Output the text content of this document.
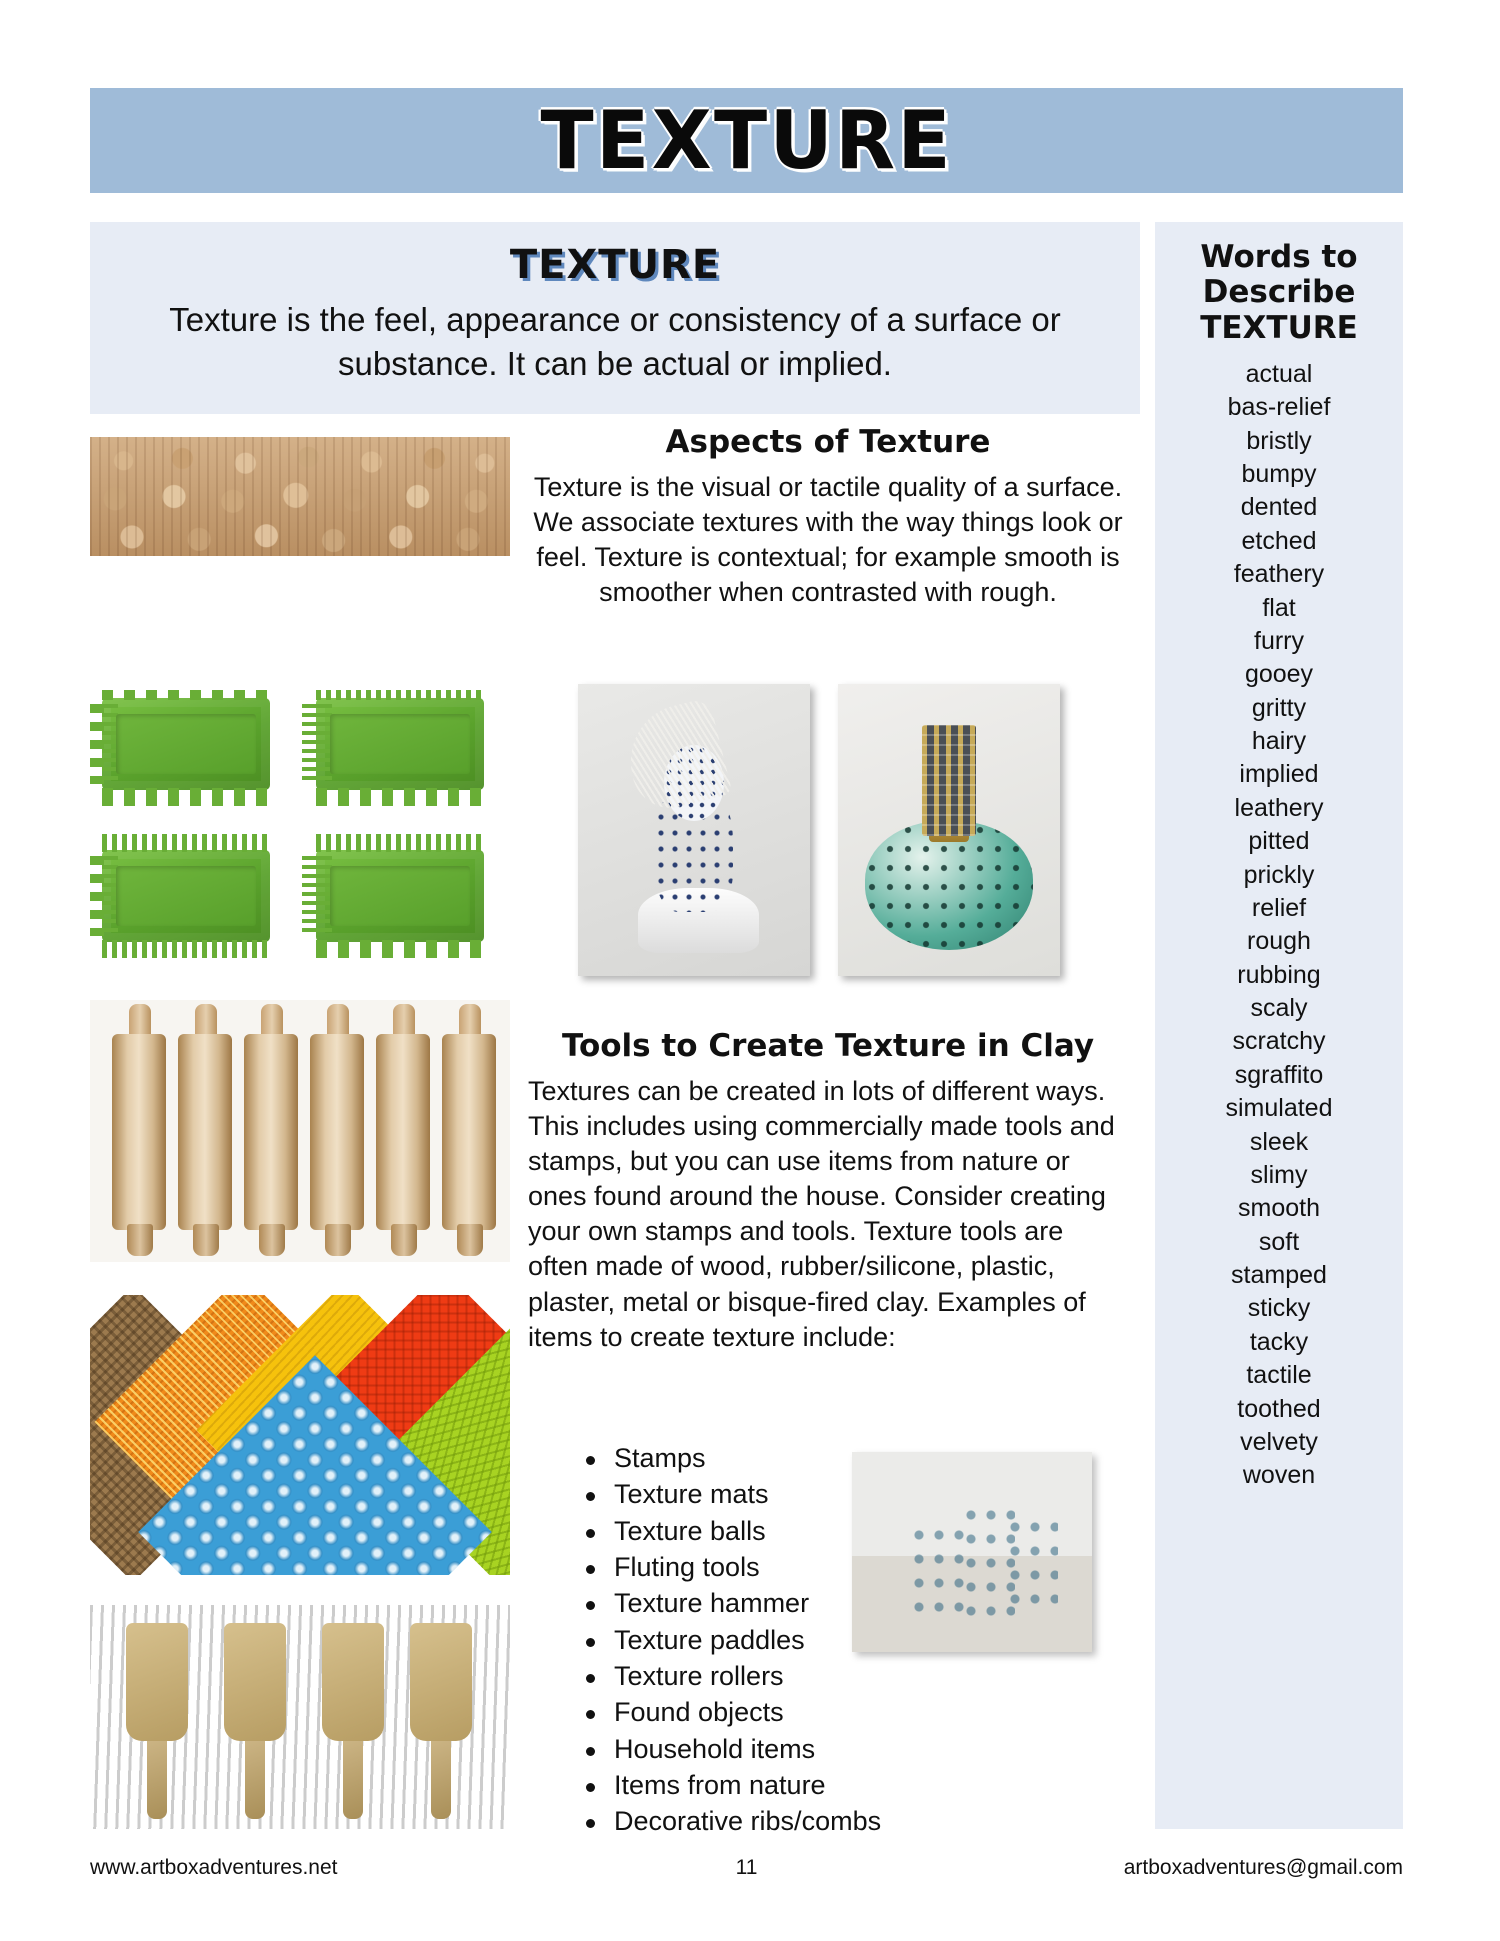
TEXTURE
TEXTURE
Texture is the feel, appearance or consistency of a surface or substance. It can be actual or implied.
Words to Describe TEXTURE
actual
bas-relief
bristly
bumpy
dented
etched
feathery
flat
furry
gooey
gritty
hairy
implied
leathery
pitted
prickly
relief
rough
rubbing
scaly
scratchy
sgraffito
simulated
sleek
slimy
smooth
soft
stamped
sticky
tacky
tactile
toothed
velvety
woven
Aspects of Texture

Texture is the visual or tactile quality of a surface. We associate textures with the way things look or feel. Texture is contextual; for example smooth is smoother when contrasted with rough.

Tools to Create Texture in Clay

Textures can be created in lots of different ways. This includes using commercially made tools and stamps, but you can use items from nature or ones found around the house. Consider creating your own stamps and tools. Texture tools are often made of wood, rubber/silicone, plastic, plaster, metal or bisque-fired clay. Examples of items to create texture include:

Stamps
Texture mats
Texture balls
Fluting tools
Texture hammer
Texture paddles
Texture rollers
Found objects
Household items
Items from nature
Decorative ribs/combs
www.artboxadventures.net	11	artboxadventures@gmail.com
